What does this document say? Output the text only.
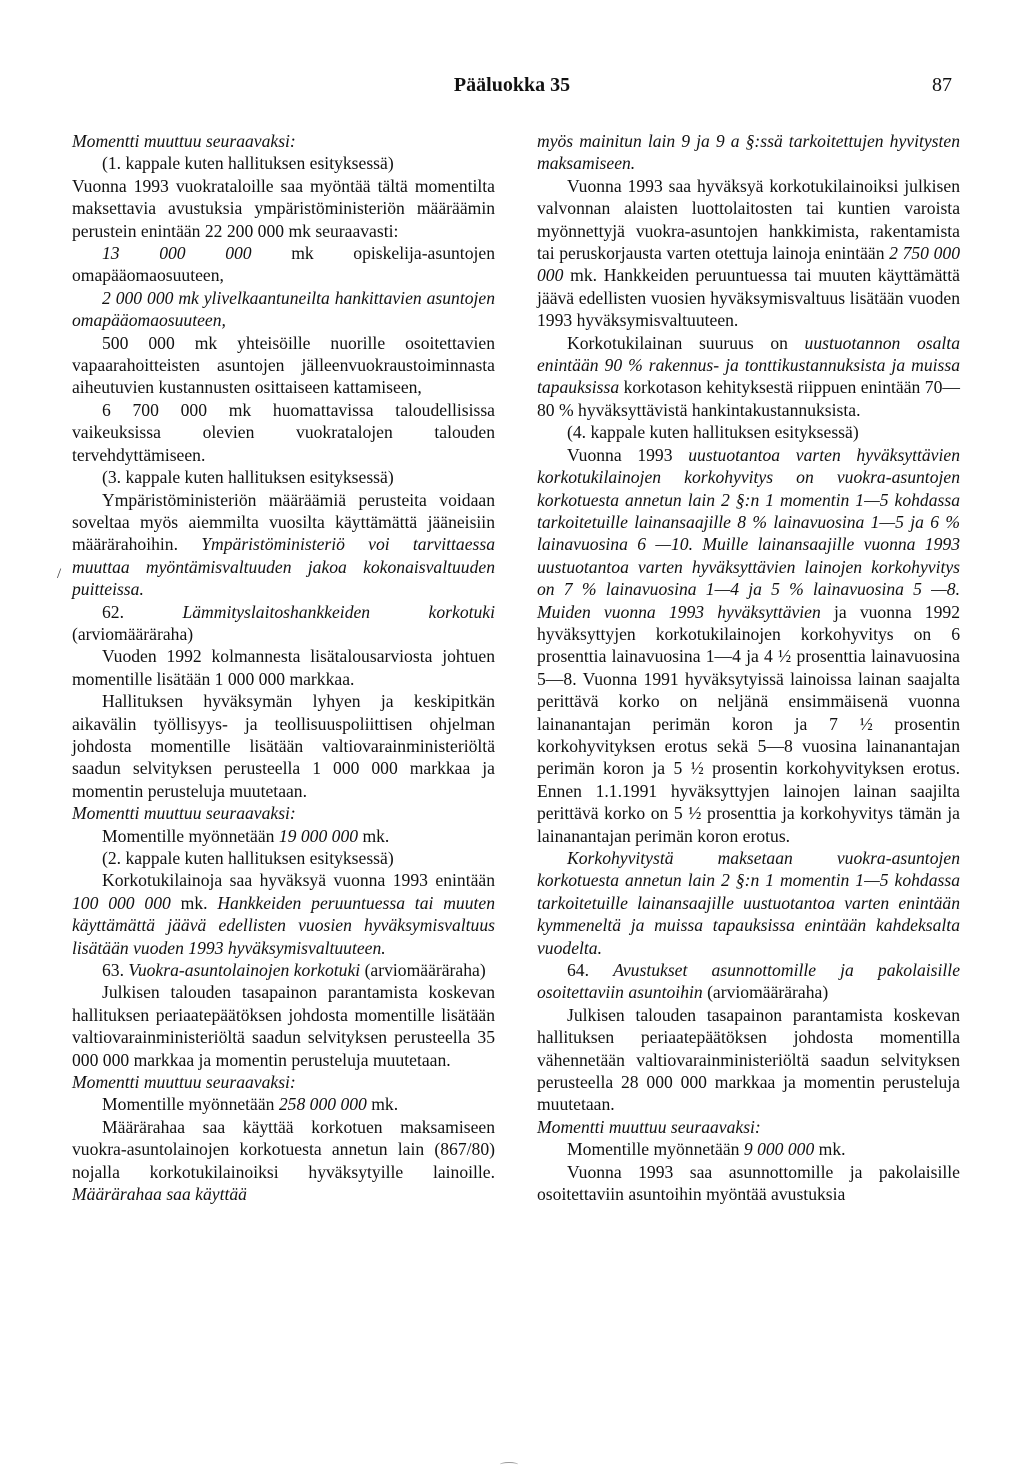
Pääluokka 35	87
/

Momentti muuttuu seuraavaksi:

(1. kappale kuten hallituksen esityksessä)

Vuonna 1993 vuokrataloille saa myöntää tältä momentilta maksettavia avustuksia ympäristöministeriön määräämin perustein enintään 22 200 000 mk seuraavasti:

13 000 000 mk opiskelija-asuntojen omapääomaosuuteen,

2 000 000 mk ylivelkaantuneilta hankittavien asuntojen omapääomaosuuteen,

500 000 mk yhteisöille nuorille osoitettavien vapaarahoitteisten asuntojen jälleenvuokraustoiminnasta aiheutuvien kustannusten osittaiseen kattamiseen,

6 700 000 mk huomattavissa taloudellisissa vaikeuksissa olevien vuokratalojen talouden tervehdyttämiseen.

(3. kappale kuten hallituksen esityksessä)

Ympäristöministeriön määräämiä perusteita voidaan soveltaa myös aiemmilta vuosilta käyttämättä jääneisiin määrärahoihin. Ympäristöministeriö voi tarvittaessa muuttaa myöntämisvaltuuden jakoa kokonaisvaltuuden puitteissa.

62. Lämmityslaitoshankkeiden korkotuki (arviomääräraha)

Vuoden 1992 kolmannesta lisätalousarviosta johtuen momentille lisätään 1 000 000 markkaa.

Hallituksen hyväksymän lyhyen ja keskipitkän aikavälin työllisyys- ja teollisuuspoliittisen ohjelman johdosta momentille lisätään valtiovarainministeriöltä saadun selvityksen perusteella 1 000 000 markkaa ja momentin perusteluja muutetaan.

Momentti muuttuu seuraavaksi:

Momentille myönnetään 19 000 000 mk.

(2. kappale kuten hallituksen esityksessä)

Korkotukilainoja saa hyväksyä vuonna 1993 enintään 100 000 000 mk. Hankkeiden peruuntuessa tai muuten käyttämättä jäävä edellisten vuosien hyväksymisvaltuus lisätään vuoden 1993 hyväksymisvaltuuteen.

63. Vuokra-asuntolainojen korkotuki (arviomääräraha)

Julkisen talouden tasapainon parantamista koskevan hallituksen periaatepäätöksen johdosta momentille lisätään valtiovarainministeriöltä saadun selvityksen perusteella 35 000 000 markkaa ja momentin perusteluja muutetaan.

Momentti muuttuu seuraavaksi:

Momentille myönnetään 258 000 000 mk.

Määrärahaa saa käyttää korkotuen maksamiseen vuokra-asuntolainojen korkotuesta annetun lain (867/80) nojalla korkotukilainoiksi hyväksytyille lainoille. Määrärahaa saa käyttää

myös mainitun lain 9 ja 9 a §:ssä tarkoitettujen hyvitysten maksamiseen.

Vuonna 1993 saa hyväksyä korkotukilainoiksi julkisen valvonnan alaisten luottolaitosten tai kuntien varoista myönnettyjä vuokra-asuntojen hankkimista, rakentamista tai peruskorjausta varten otettuja lainoja enintään 2 750 000 000 mk. Hankkeiden peruuntuessa tai muuten käyttämättä jäävä edellisten vuosien hyväksymisvaltuus lisätään vuoden 1993 hyväksymisvaltuuteen.

Korkotukilainan suuruus on uustuotannon osalta enintään 90 % rakennus- ja tonttikustannuksista ja muissa tapauksissa korkotason kehityksestä riippuen enintään 70—80 % hyväksyttävistä hankintakustannuksista.

(4. kappale kuten hallituksen esityksessä)

Vuonna 1993 uustuotantoa varten hyväksyttävien korkotukilainojen korkohyvitys on vuokra-asuntojen korkotuesta annetun lain 2 §:n 1 momentin 1—5 kohdassa tarkoitetuille lainansaajille 8 % lainavuosina 1—5 ja 6 % lainavuosina 6 —10. Muille lainansaajille vuonna 1993 uustuotantoa varten hyväksyttävien lainojen korkohyvitys on 7 % lainavuosina 1—4 ja 5 % lainavuosina 5 —8. Muiden vuonna 1993 hyväksyttävien ja vuonna 1992 hyväksyttyjen korkotukilainojen korkohyvitys on 6 prosenttia lainavuosina 1—4 ja 4 ½ prosenttia lainavuosina 5—8. Vuonna 1991 hyväksytyissä lainoissa lainan saajalta perittävä korko on neljänä ensimmäisenä vuonna lainanantajan perimän koron ja 7 ½ prosentin korkohyvityksen erotus sekä 5—8 vuosina lainanantajan perimän koron ja 5 ½ prosentin korkohyvityksen erotus. Ennen 1.1.1991 hyväksyttyjen lainojen lainan saajilta perittävä korko on 5 ½ prosenttia ja korkohyvitys tämän ja lainanantajan perimän koron erotus.

Korkohyvitystä maksetaan vuokra-asuntojen korkotuesta annetun lain 2 §:n 1 momentin 1—5 kohdassa tarkoitetuille lainansaajille uustuotantoa varten enintään kymmeneltä ja muissa tapauksissa enintään kahdeksalta vuodelta.

64. Avustukset asunnottomille ja pakolaisille osoitettaviin asuntoihin (arviomääräraha)

Julkisen talouden tasapainon parantamista koskevan hallituksen periaatepäätöksen johdosta momentilla vähennetään valtiovarainministeriöltä saadun selvityksen perusteella 28 000 000 markkaa ja momentin perusteluja muutetaan.

Momentti muuttuu seuraavaksi:

Momentille myönnetään 9 000 000 mk.

Vuonna 1993 saa asunnottomille ja pakolaisille osoitettaviin asuntoihin myöntää avustuksia
